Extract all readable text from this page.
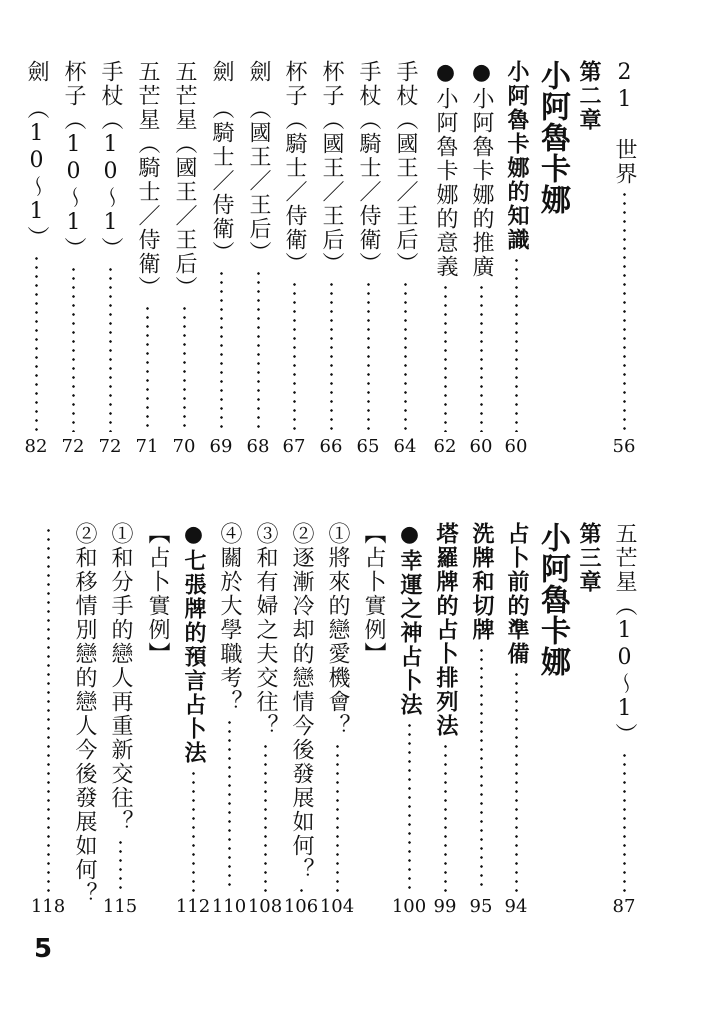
21　世界
56
第二章
小阿魯卡娜
小阿魯卡娜的知識
60
●小阿魯卡娜的推廣
60
●小阿魯卡娜的意義
62
手杖（國王／王后）
64
手杖（騎士／侍衛）
65
杯子（國王／王后）
66
杯子（騎士／侍衛）
67
劍　（國王／王后）
68
劍　（騎士／侍衛）
69
五芒星（國王／王后）
70
五芒星（騎士／侍衛）
71
手杖（10～1）
72
杯子（10～1）
72
劍　（10～1）
82
五芒星（10～1）
87
第三章
小阿魯卡娜
占卜前的準備
94
洗牌和切牌
95
塔羅牌的占卜排列法
99
●幸運之神占卜法
100
【占卜實例】
①將來的戀愛機會？
104
②逐漸冷却的戀情今後發展如何？
106
③和有婦之夫交往？
108
④關於大學職考？
110
●七張牌的預言占卜法
112
【占卜實例】
①和分手的戀人再重新交往？
115
②和移情別戀的戀人今後發展如何？
118
5
